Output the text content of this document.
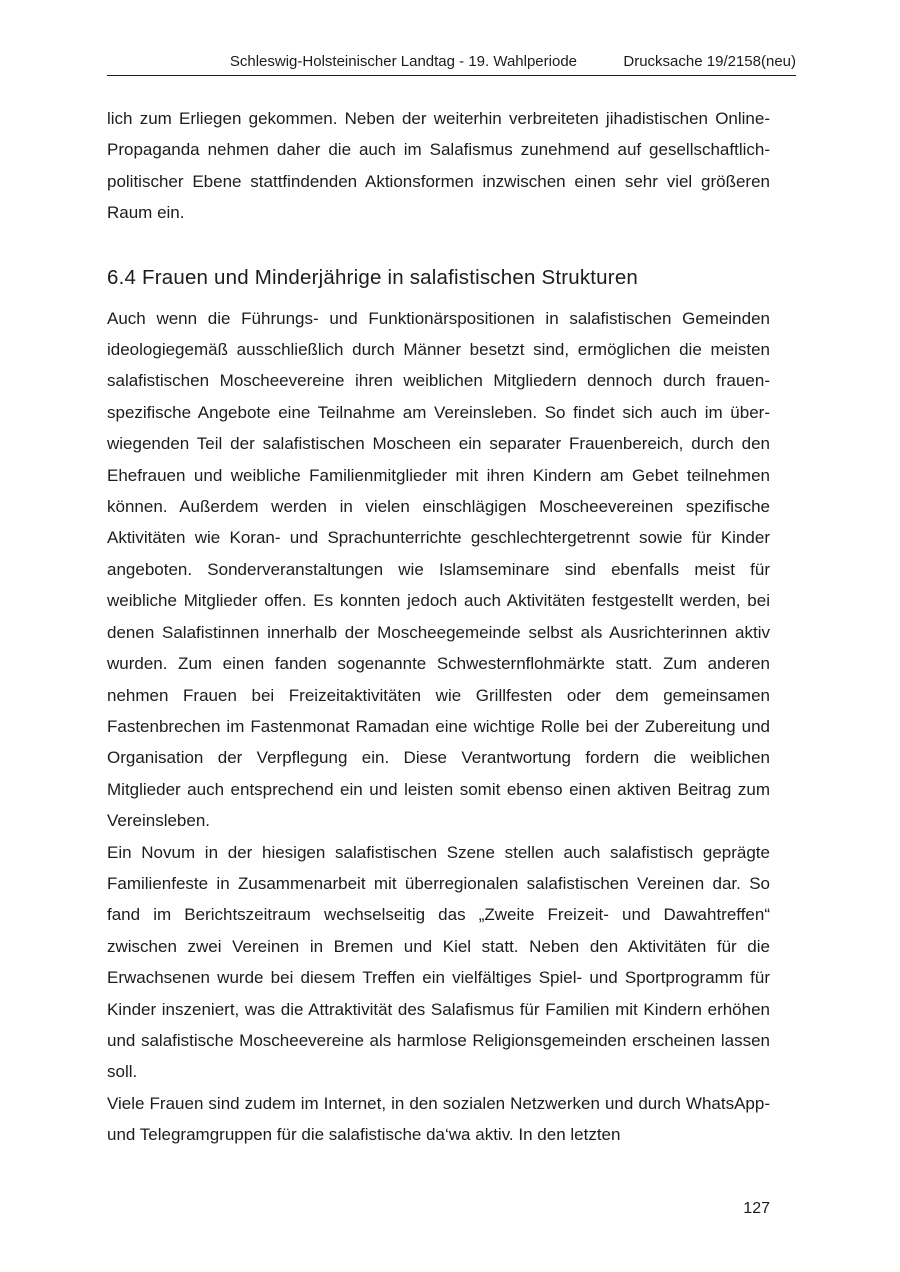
Schleswig-Holsteinischer Landtag - 19. Wahlperiode	Drucksache 19/2158(neu)

lich zum Erliegen gekommen. Neben der weiterhin verbreiteten jihadistischen Online-Propaganda nehmen daher die auch im Salafismus zunehmend auf gesellschaftlich-politischer Ebene stattfindenden Aktionsformen inzwischen einen sehr viel größeren Raum ein.

6.4 Frauen und Minderjährige in salafistischen Strukturen

Auch wenn die Führungs- und Funktionärspositionen in salafistischen Gemeinden ideologiegemäß ausschließlich durch Männer besetzt sind, ermöglichen die meisten salafistischen Moscheevereine ihren weiblichen Mitgliedern dennoch durch frauenspezifische Angebote eine Teilnahme am Vereinsleben. So findet sich auch im überwiegenden Teil der salafistischen Moscheen ein separater Frauenbereich, durch den Ehefrauen und weibliche Familienmitglieder mit ihren Kindern am Gebet teilnehmen können. Außerdem werden in vielen einschlägigen Moscheevereinen spezifische Aktivitäten wie Koran- und Sprachunterrichte geschlechtergetrennt sowie für Kinder angeboten. Sonderveranstaltungen wie Islamseminare sind ebenfalls meist für weibliche Mitglieder offen. Es konnten jedoch auch Aktivitäten festgestellt werden, bei denen Salafistinnen innerhalb der Moscheegemeinde selbst als Ausrichterinnen aktiv wurden. Zum einen fanden sogenannte Schwesternflohmärkte statt. Zum anderen nehmen Frauen bei Freizeitaktivitäten wie Grillfesten oder dem gemeinsamen Fastenbrechen im Fastenmonat Ramadan eine wichtige Rolle bei der Zubereitung und Organisation der Verpflegung ein. Diese Verantwortung fordern die weiblichen Mitglieder auch entsprechend ein und leisten somit ebenso einen aktiven Beitrag zum Vereinsleben.

Ein Novum in der hiesigen salafistischen Szene stellen auch salafistisch geprägte Familienfeste in Zusammenarbeit mit überregionalen salafistischen Vereinen dar. So fand im Berichtszeitraum wechselseitig das „Zweite Freizeit- und Dawahtreffen“ zwischen zwei Vereinen in Bremen und Kiel statt. Neben den Aktivitäten für die Erwachsenen wurde bei diesem Treffen ein vielfältiges Spiel- und Sportprogramm für Kinder inszeniert, was die Attraktivität des Salafismus für Familien mit Kindern erhöhen und salafistische Moscheevereine als harmlose Religionsgemeinden erscheinen lassen soll.

Viele Frauen sind zudem im Internet, in den sozialen Netzwerken und durch WhatsApp- und Telegramgruppen für die salafistische da‘wa aktiv. In den letzten

127
